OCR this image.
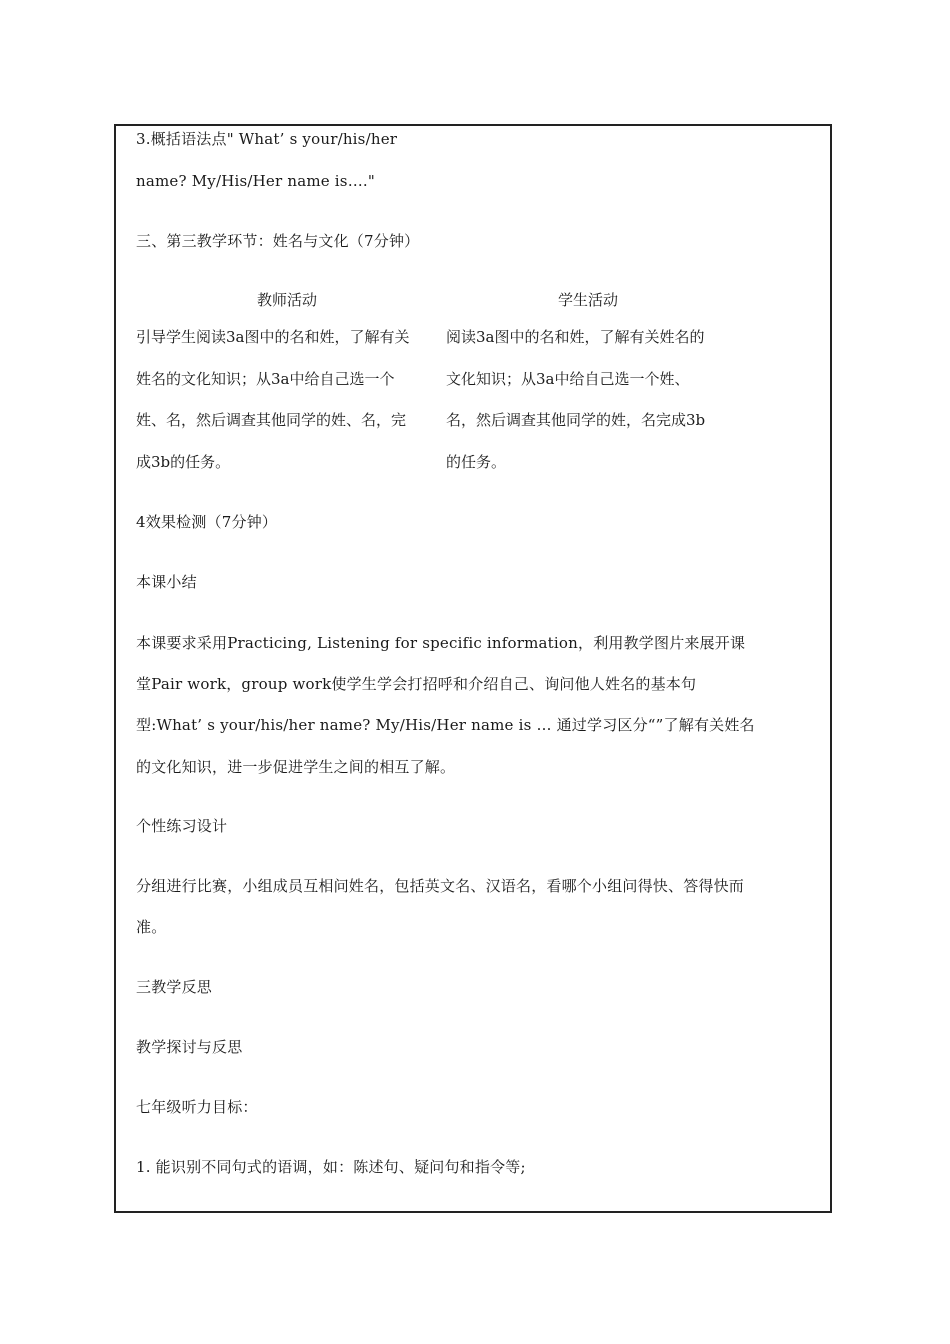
3.概括语法点" What’ s your/his/her
name? My/His/Her name is…."
三、第三教学环节：姓名与文化（7分钟）
教师活动	学生活动
引导学生阅读3a图中的名和姓，了解有关
姓名的文化知识；从3a中给自己选一个
姓、名，然后调查其他同学的姓、名，完
成3b的任务。
阅读3a图中的名和姓，了解有关姓名的
文化知识；从3a中给自己选一个姓、
名，然后调查其他同学的姓，名完成3b
的任务。
4效果检测（7分钟）
本课小结
本课要求采用Practicing, Listening for specific information，利用教学图片来展开课
堂Pair work，group work使学生学会打招呼和介绍自己、询问他人姓名的基本句
型:What’ s your/his/her name? My/His/Her name is … 通过学习区分“”了解有关姓名
的文化知识，进一步促进学生之间的相互了解。
个性练习设计
分组进行比赛，小组成员互相问姓名，包括英文名、汉语名，看哪个小组问得快、答得快而
准。
三教学反思
教学探讨与反思
七年级听力目标：
1. 能识别不同句式的语调，如：陈述句、疑问句和指令等;
